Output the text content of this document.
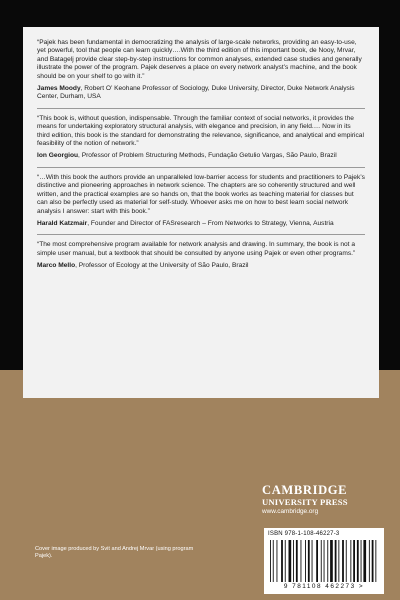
“Pajek has been fundamental in democratizing the analysis of large-scale networks, providing an easy-to-use, yet powerful, tool that people can learn quickly….With the third edition of this important book, de Nooy, Mrvar, and Batagelj provide clear step-by-step instructions for common analyses, extended case studies and generally illustrate the power of the program. Pajek deserves a place on every network analyst’s machine, and the book should be on your shelf to go with it.”

James Moody, Robert O’ Keohane Professor of Sociology, Duke University, Director, Duke Network Analysis Center, Durham, USA

“This book is, without question, indispensable. Through the familiar context of social networks, it provides the means for undertaking exploratory structural analysis, with elegance and precision, in any field.… Now in its third edition, this book is the standard for demonstrating the relevance, significance, and analytical and empirical feasibility of the notion of network.”

Ion Georgiou, Professor of Problem Structuring Methods, Fundação Getulio Vargas, São Paulo, Brazil

“…With this book the authors provide an unparalleled low-barrier access for students and practitioners to Pajek’s distinctive and pioneering approaches in network science. The chapters are so coherently structured and well written, and the practical examples are so hands on, that the book works as teaching material for classes but can also be perfectly used as material for self-study. Whoever asks me on how to best learn social network analysis I answer: start with this book.”

Harald Katzmair, Founder and Director of FASresearch – From Networks to Strategy, Vienna, Austria

“The most comprehensive program available for network analysis and drawing. In summary, the book is not a simple user manual, but a textbook that should be consulted by anyone using Pajek or even other programs.”

Marco Mello, Professor of Ecology at the University of São Paulo, Brazil

CAMBRIDGE
UNIVERSITY PRESS
www.cambridge.org
Cover image produced by Svit and Andrej Mrvar (using program Pajek).
ISBN 978-1-108-46227-3
9 781108 462273 >
